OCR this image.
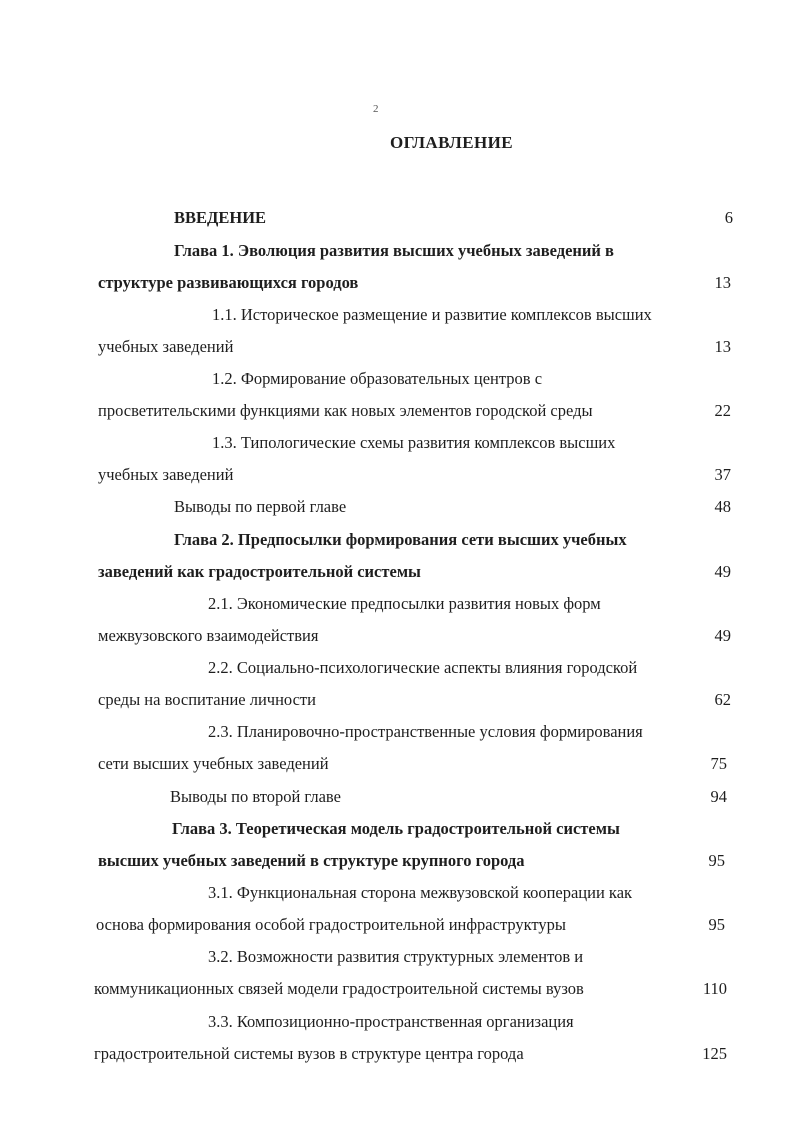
2
ОГЛАВЛЕНИЕ
ВВЕДЕНИЕ	6
Глава 1. Эволюция развития высших учебных заведений в
структуре развивающихся городов	13
1.1. Историческое размещение и развитие комплексов высших
учебных заведений	13
1.2. Формирование образовательных центров с
просветительскими функциями как новых элементов городской среды	22
1.3. Типологические схемы развития комплексов высших
учебных заведений	37
Выводы по первой главе	48
Глава 2. Предпосылки формирования сети высших учебных
заведений как градостроительной системы	49
2.1. Экономические предпосылки развития новых форм
межвузовского взаимодействия	49
2.2. Социально-психологические аспекты влияния городской
среды на воспитание личности	62
2.3. Планировочно-пространственные условия формирования
сети высших учебных заведений	75
Выводы по второй главе	94
Глава 3. Теоретическая модель градостроительной системы
высших учебных заведений в структуре крупного города	95
3.1. Функциональная сторона межвузовской кооперации как
основа формирования особой градостроительной инфраструктуры	95
3.2. Возможности развития структурных элементов и
коммуникационных связей модели градостроительной системы вузов	110
3.3. Композиционно-пространственная организация
градостроительной системы вузов в структуре центра города	125
